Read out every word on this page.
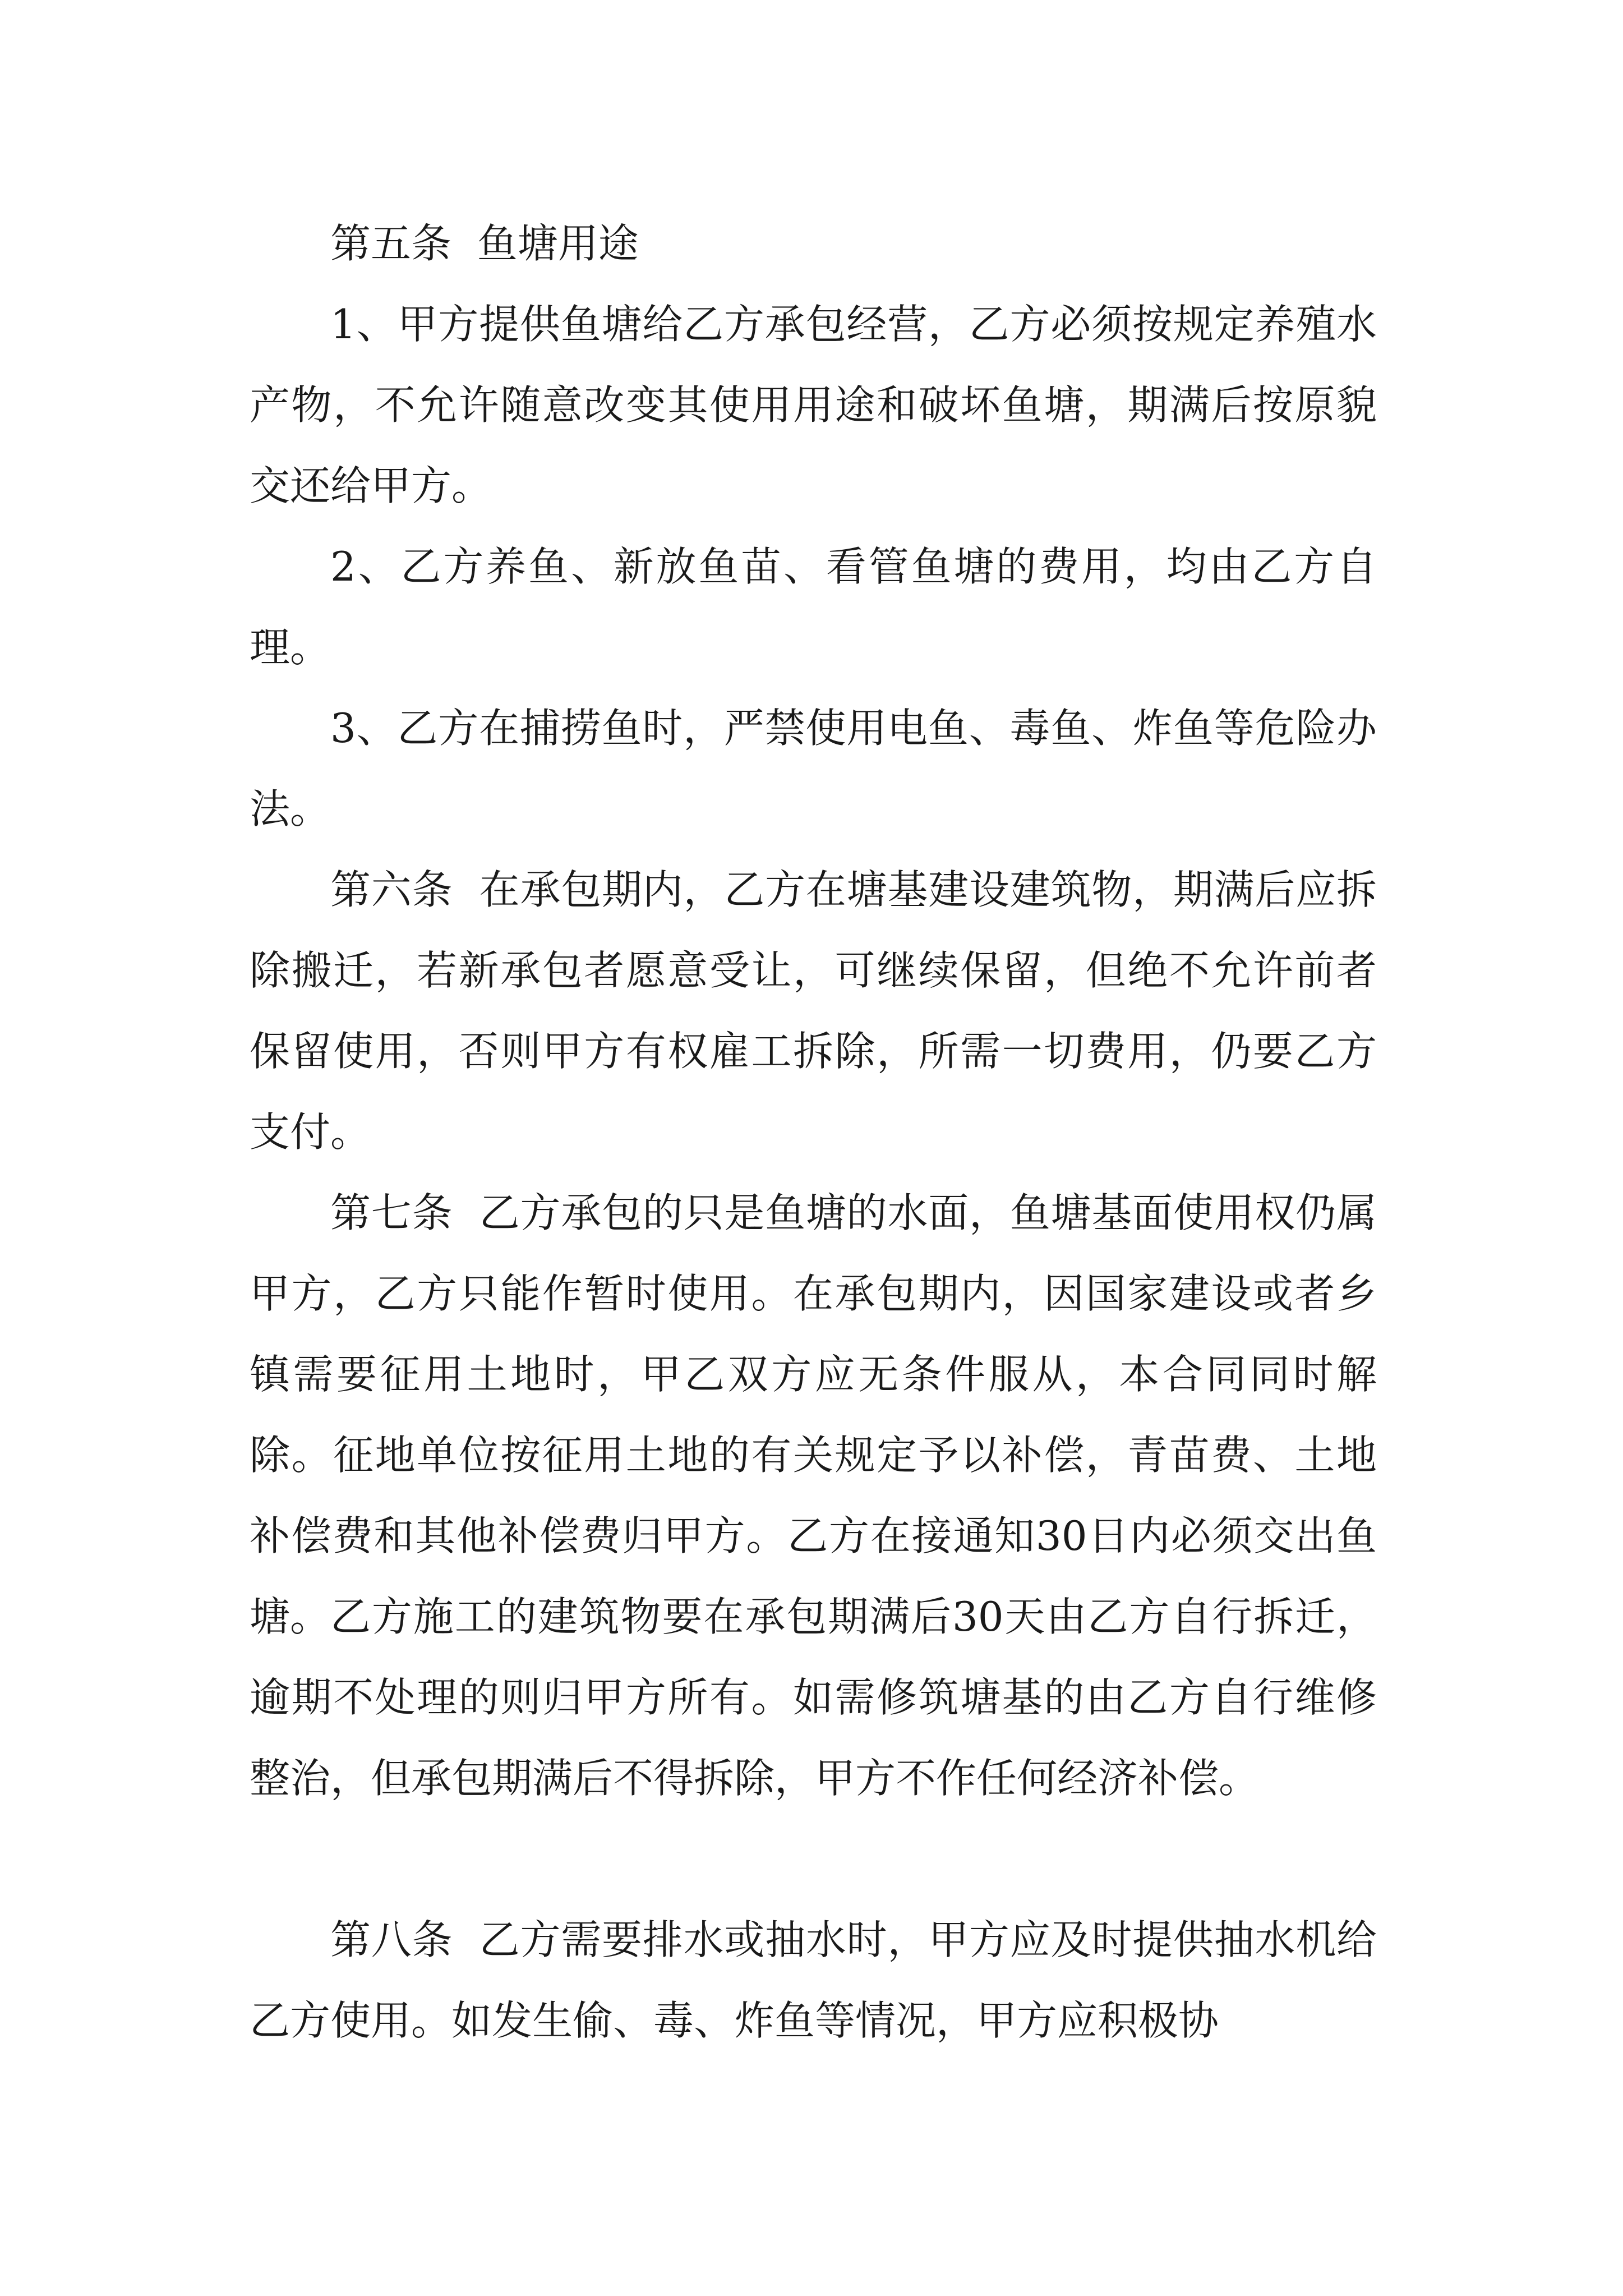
第五条  鱼塘用途

1、甲方提供鱼塘给乙方承包经营，乙方必须按规定养殖水产物，不允许随意改变其使用用途和破坏鱼塘，期满后按原貌交还给甲方。

2、乙方养鱼、新放鱼苗、看管鱼塘的费用，均由乙方自理。

3、乙方在捕捞鱼时，严禁使用电鱼、毒鱼、炸鱼等危险办法。

第六条  在承包期内，乙方在塘基建设建筑物，期满后应拆除搬迁，若新承包者愿意受让，可继续保留，但绝不允许前者保留使用，否则甲方有权雇工拆除，所需一切费用，仍要乙方支付。

第七条  乙方承包的只是鱼塘的水面，鱼塘基面使用权仍属甲方，乙方只能作暂时使用。在承包期内，因国家建设或者乡镇需要征用土地时，甲乙双方应无条件服从，本合同同时解除。征地单位按征用土地的有关规定予以补偿，青苗费、土地补偿费和其他补偿费归甲方。乙方在接通知30日内必须交出鱼塘。 乙方施工的建筑物要在承包期满后30天由乙方自行拆迁，逾期不处理的则归甲方所有。如需修筑塘基的由乙方自行维修整治，但承包期满后不得拆除，甲方不作任何经济补偿。

第八条  乙方需要排水或抽水时，甲方应及时提供抽水机给乙方使用。如发生偷、毒、炸鱼等情况，甲方应积极协
